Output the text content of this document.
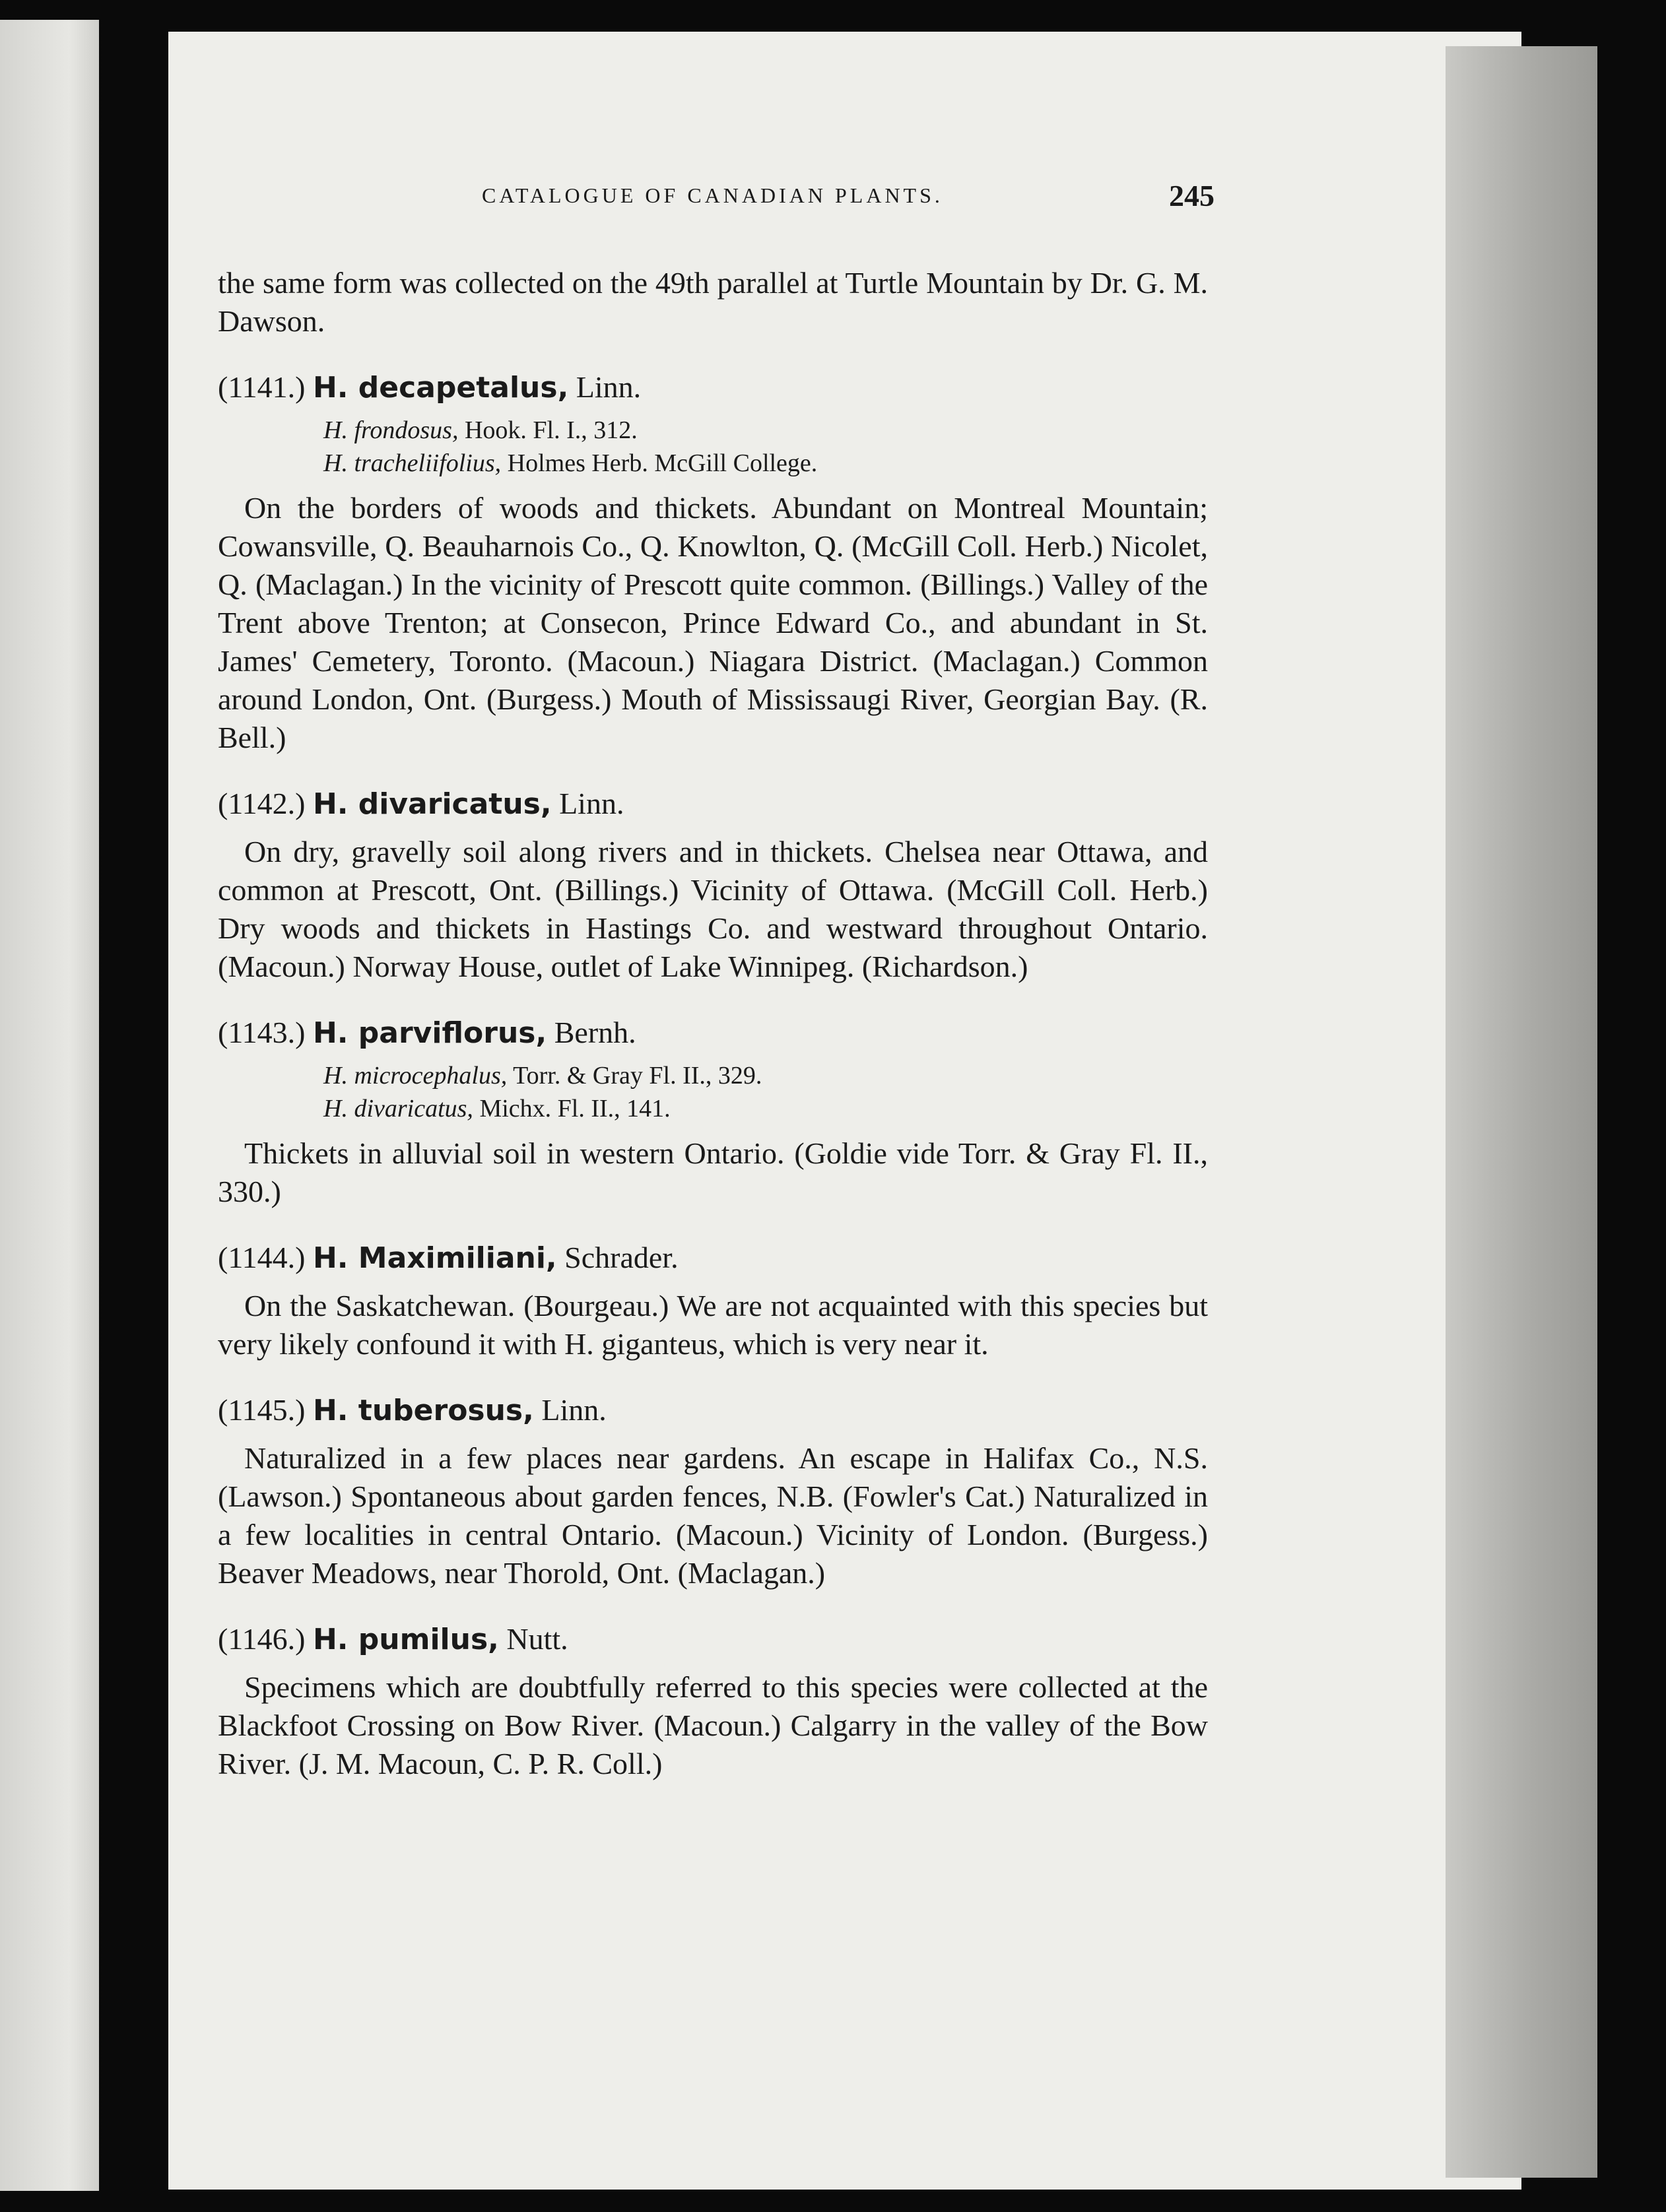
CATALOGUE OF CANADIAN PLANTS.	245

the same form was collected on the 49th parallel at Turtle Mountain by Dr. G. M. Dawson.

(1141.) H. decapetalus, Linn.
H. frondosus, Hook. Fl. I., 312.
H. tracheliifolius, Holmes Herb. McGill College.

On the borders of woods and thickets. Abundant on Montreal Mountain; Cowansville, Q. Beauharnois Co., Q. Knowlton, Q. (McGill Coll. Herb.) Nicolet, Q. (Maclagan.) In the vicinity of Prescott quite common. (Billings.) Valley of the Trent above Trenton; at Consecon, Prince Edward Co., and abundant in St. James' Cemetery, Toronto. (Macoun.) Niagara District. (Maclagan.) Common around London, Ont. (Burgess.) Mouth of Mississaugi River, Georgian Bay. (R. Bell.)

(1142.) H. divaricatus, Linn.

On dry, gravelly soil along rivers and in thickets. Chelsea near Ottawa, and common at Prescott, Ont. (Billings.) Vicinity of Ottawa. (McGill Coll. Herb.) Dry woods and thickets in Hastings Co. and westward throughout Ontario. (Macoun.) Norway House, outlet of Lake Winnipeg. (Richardson.)

(1143.) H. parviflorus, Bernh.
H. microcephalus, Torr. & Gray Fl. II., 329.
H. divaricatus, Michx. Fl. II., 141.

Thickets in alluvial soil in western Ontario. (Goldie vide Torr. & Gray Fl. II., 330.)

(1144.) H. Maximiliani, Schrader.

On the Saskatchewan. (Bourgeau.) We are not acquainted with this species but very likely confound it with H. giganteus, which is very near it.

(1145.) H. tuberosus, Linn.

Naturalized in a few places near gardens. An escape in Halifax Co., N.S. (Lawson.) Spontaneous about garden fences, N.B. (Fowler's Cat.) Naturalized in a few localities in central Ontario. (Macoun.) Vicinity of London. (Burgess.) Beaver Meadows, near Thorold, Ont. (Maclagan.)

(1146.) H. pumilus, Nutt.

Specimens which are doubtfully referred to this species were collected at the Blackfoot Crossing on Bow River. (Macoun.) Calgarry in the valley of the Bow River. (J. M. Macoun, C. P. R. Coll.)
